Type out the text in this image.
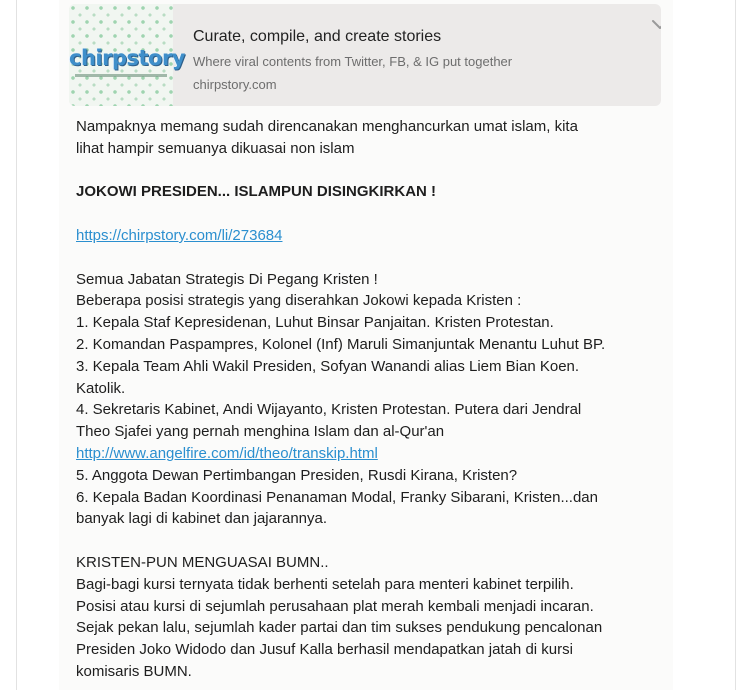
chirpstory
Curate, compile, and create stories
Where viral contents from Twitter, FB, & IG put together
chirpstory.com

Nampaknya memang sudah direncanakan menghancurkan umat islam, kita

lihat hampir semuanya dikuasai non islam

JOKOWI PRESIDEN... ISLAMPUN DISINGKIRKAN !

https://chirpstory.com/li/273684

Semua Jabatan Strategis Di Pegang Kristen !

Beberapa posisi strategis yang diserahkan Jokowi kepada Kristen :

1. Kepala Staf Kepresidenan, Luhut Binsar Panjaitan. Kristen Protestan.

2. Komandan Paspampres, Kolonel (Inf) Maruli Simanjuntak Menantu Luhut BP.

3. Kepala Team Ahli Wakil Presiden, Sofyan Wanandi alias Liem Bian Koen.

Katolik.

4. Sekretaris Kabinet, Andi Wijayanto, Kristen Protestan. Putera dari Jendral

Theo Sjafei yang pernah menghina Islam dan al-Qur'an

http://www.angelfire.com/id/theo/transkip.html

5. Anggota Dewan Pertimbangan Presiden, Rusdi Kirana, Kristen?

6. Kepala Badan Koordinasi Penanaman Modal, Franky Sibarani, Kristen...dan

banyak lagi di kabinet dan jajarannya.

KRISTEN-PUN MENGUASAI BUMN..

Bagi-bagi kursi ternyata tidak berhenti setelah para menteri kabinet terpilih.

Posisi atau kursi di sejumlah perusahaan plat merah kembali menjadi incaran.

Sejak pekan lalu, sejumlah kader partai dan tim sukses pendukung pencalonan

Presiden Joko Widodo dan Jusuf Kalla berhasil mendapatkan jatah di kursi

komisaris BUMN.
